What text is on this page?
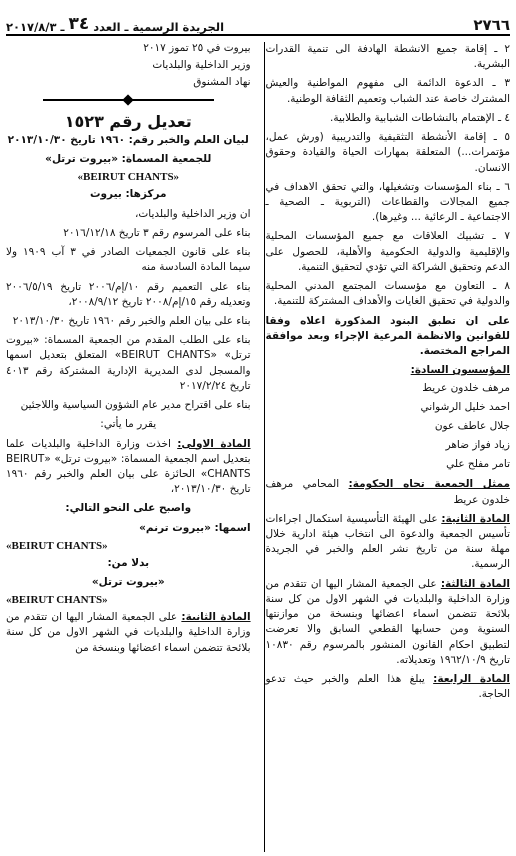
٢٧٦٦
الجريدة الرسمية ـ العدد
٣٤
ـ
٢٠١٧/٨/٣

٢ ـ إقامة جميع الانشطة الهادفة الى تنمية القدرات البشرية.

٣ ـ الدعوة الدائمة الى مفهوم المواطنية والعيش المشترك خاصة عند الشباب وتعميم الثقافة الوطنية.

٤ ـ الإهتمام بالنشاطات الشبابية والطلابية.

٥ ـ إقامة الأنشطة التثقيفية والتدريبية (ورش عمل، مؤتمرات...) المتعلقة بمهارات الحياة والقيادة وحقوق الانسان.

٦ ـ بناء المؤسسات وتشغيلها، والتي تحقق الاهداف في جميع المجالات والقطاعات (التربوية ـ الصحية ـ الاجتماعية ـ الرعائية ... وغيرها).

٧ ـ تشبيك العلاقات مع جميع المؤسسات المحلية والإقليمية والدولية الحكومية والأهلية، للحصول على الدعم وتحقيق الشراكة التي تؤدي لتحقيق التنمية.

٨ ـ التعاون مع مؤسسات المجتمع المدني المحلية والدولية في تحقيق الغايات والأهداف المشتركة للتنمية.

على ان تطبق البنود المذكورة اعلاه وفقا للقوانين والانظمة المرعية الإجراء وبعد موافقة المراجع المختصة.

المؤسسون السادة:

مرهف خلدون عريط
احمد خليل الرشواني
جلال عاطف عون
زياد فواز ضاهر
تامر مفلح علي

ممثل الجمعية تجاه الحكومة: المحامي مرهف خلدون عريط

المادة الثانية: على الهيئة التأسيسية استكمال اجراءات تأسيس الجمعية والدعوة الى انتخاب هيئة ادارية خلال مهلة سنة من تاريخ نشر العلم والخبر في الجريدة الرسمية.

المادة الثالثة: على الجمعية المشار اليها ان تتقدم من وزارة الداخلية والبلديات في الشهر الاول من كل سنة بلائحة تتضمن اسماء اعضائها وبنسخة من موازنتها السنوية ومن حسابها القطعي السابق والا تعرضت لتطبيق احكام القانون المنشور بالمرسوم رقم ١٠٨٣٠ تاريخ ١٩٦٢/١٠/٩ وتعديلاته.

المادة الرابعة: يبلغ هذا العلم والخبر حيث تدعو الحاجة.

بيروت في ٢٥ تموز ٢٠١٧
وزير الداخلية والبلديات
نهاد المشنوق
تعديل رقم ١٥٢٣

لبيان العلم والخبر رقم: ١٩٦٠ تاريخ ٢٠١٣/١٠/٣٠

للجمعية المسماة: «بيروت ترتل»

«BEIRUT CHANTS»

مركزها: بيروت

ان وزير الداخلية والبلديات،

بناء على المرسوم رقم ٣ تاريخ ٢٠١٦/١٢/١٨

بناء على قانون الجمعيات الصادر في ٣ آب ١٩٠٩ ولا سيما المادة السادسة منه

بناء على التعميم رقم ١٠/إم/٢٠٠٦ تاريخ ٢٠٠٦/٥/١٩ وتعديله رقم ١٥/إم/٢٠٠٨ تاريخ ٢٠٠٨/٩/١٢،

بناء على بيان العلم والخبر رقم ١٩٦٠ تاريخ ٢٠١٣/١٠/٣٠

بناء على الطلب المقدم من الجمعية المسماة: «بيروت ترتل» «BEIRUT CHANTS» المتعلق بتعديل اسمها والمسجل لدى المديرية الإدارية المشتركة رقم ٤٠١٣ تاريخ ٢٠١٧/٢/٢٤

بناء على اقتراح مدير عام الشؤون السياسية واللاجئين

يقرر ما يأتي:

المادة الاولى: اخذت وزارة الداخلية والبلديات علما بتعديل اسم الجمعية المسماة: «بيروت ترتل» «BEIRUT CHANTS» الحائزة على بيان العلم والخبر رقم ١٩٦٠ تاريخ ٢٠١٣/١٠/٣٠،

واصبح على النحو التالي:

اسمها: «بيروت ترنم»

«BEIRUT CHANTS»

بدلا من:

«بيروت ترتل»

«BEIRUT CHANTS»

المادة الثانية: على الجمعية المشار اليها ان تتقدم من وزارة الداخلية والبلديات في الشهر الاول من كل سنة بلائحة تتضمن اسماء اعضائها وبنسخة من
